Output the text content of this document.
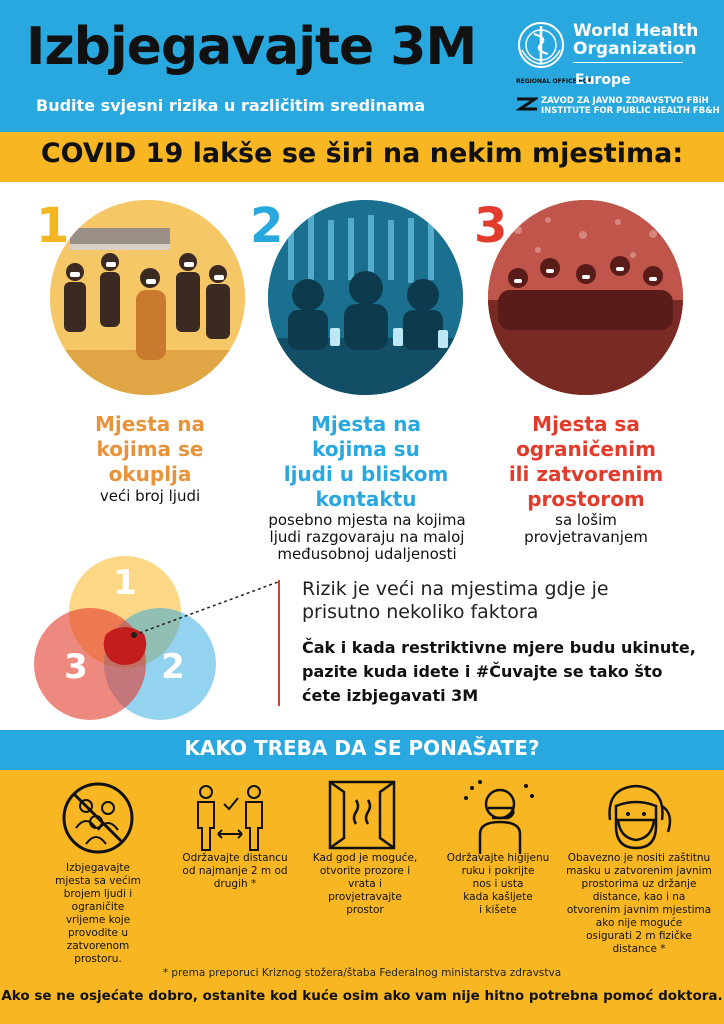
Izbjegavajte 3M
Budite svjesni rizika u različitim sredinama
World Health
Organization
REGIONAL OFFICE FOR
Europe
ZAVOD ZA JAVNO ZDRAVSTVO FBiH
INSTITUTE FOR PUBLIC HEALTH FB&H
COVID 19 lakše se širi na nekim mjestima:
1
Mjesta na
kojima se
okuplja
veći broj ljudi
2
Mjesta na
kojima su
ljudi u bliskom
kontaktu
posebno mjesta na kojima
ljudi razgovaraju na maloj
međusobnoj udaljenosti
3
Mjesta sa
ograničenim
ili zatvorenim
prostorom
sa lošim
provjetravanjem
1
2
3
Rizik je veći na mjestima gdje je
prisutno nekoliko faktora
Čak i kada restriktivne mjere budu ukinute,
pazite kuda idete i #Čuvajte se tako što
ćete izbjegavati 3M
KAKO TREBA DA SE PONAŠATE?
Izbjegavajte
mjesta sa većim
brojem ljudi i
ograničite
vrijeme koje
provodite u
zatvorenom
prostoru.
Održavajte distancu
od najmanje 2 m od
drugih *
Kad god je moguće,
otvorite prozore i
vrata i
provjetravajte
prostor
Održavajte higijenu
ruku i pokrijte
nos i usta
kada kašljete
i kišete
Obavezno je nositi zaštitnu
masku u zatvorenim javnim
prostorima uz držanje
distance, kao i na
otvorenim javnim mjestima
ako nije moguće
osigurati 2 m fizičke
distance *
* prema preporuci Kriznog stožera/štaba Federalnog ministarstva zdravstva
Ako se ne osjećate dobro, ostanite kod kuće osim ako vam nije hitno potrebna pomoć doktora.
